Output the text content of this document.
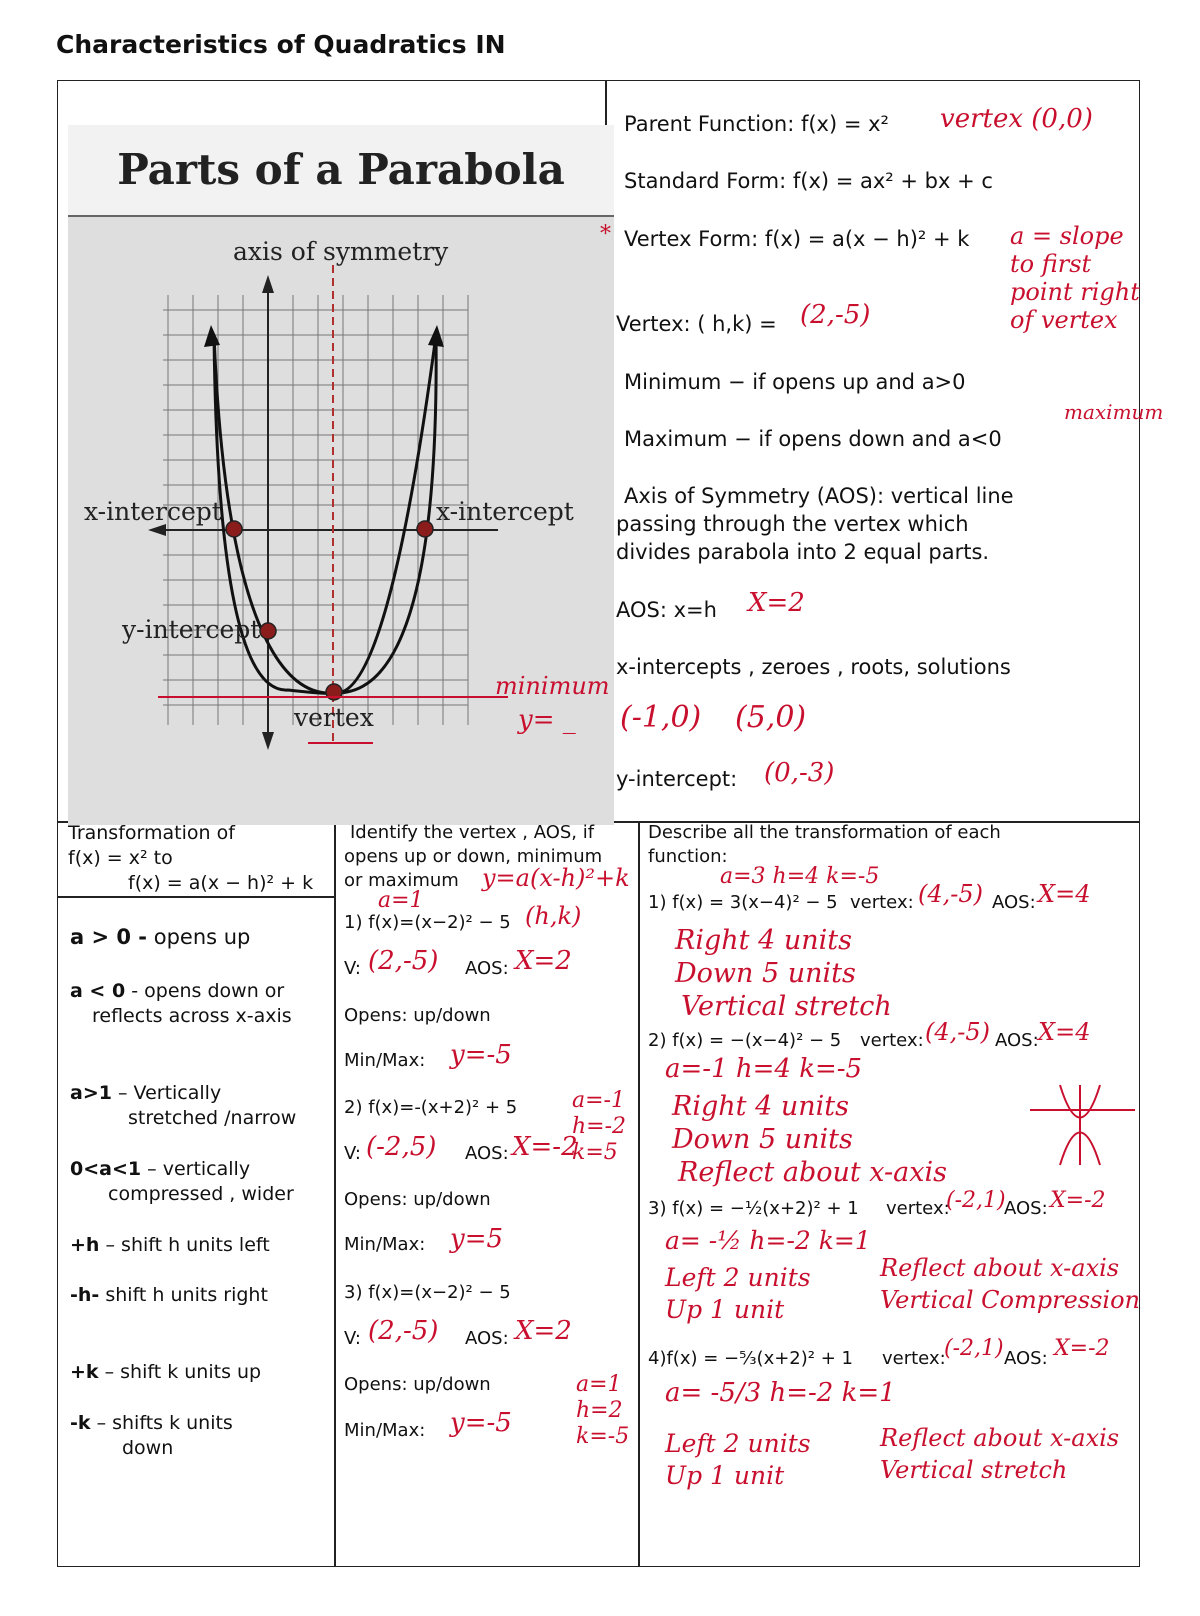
Characteristics of Quadratics IN
Parts of a Parabola
axis of symmetry
x-intercept	x-intercept
y-intercept
vertex
minimum
y= _
Parent Function: f(x) = x² vertex (0,0)
Standard Form: f(x) = ax² + bx + c
* Vertex Form: f(x) = a(x − h)² + k a = slope
to first
point right
of vertex
Vertex: ( h,k) = (2,-5)
Minimum − if opens up and a>0
Maximum − if opens down and a<0
maximum
Axis of Symmetry (AOS): vertical line
passing through the vertex which
divides parabola into 2 equal parts.
AOS: x=h X=2
x-intercepts , zeroes , roots, solutions
(-1,0) (5,0)
y-intercept: (0,-3)
Transformation of
f(x) = x² to
f(x) = a(x − h)² + k
a > 0 - opens up
a < 0 - opens down or
reflects across x-axis
a>1 – Vertically
stretched /narrow
0<a<1 – vertically
compressed , wider
+h – shift h units left
-h- shift h units right
+k – shift k units up
-k – shifts k units
down
Identify the vertex , AOS, if
opens up or down, minimum
or maximum y=a(x-h)²+k
a=1
(h,k)
1) f(x)=(x−2)² − 5
V: (2,-5) AOS: X=2
Opens: up/down
Min/Max: y=-5
2) f(x)=-(x+2)² + 5 a=-1
h=-2
k=5
V: (-2,5) AOS: X=-2
Opens: up/down
Min/Max: y=5
3) f(x)=(x−2)² − 5
a=1
h=2
k=-5
V: (2,-5) AOS: X=2
Opens: up/down
Min/Max: y=-5
Describe all the transformation of each
function:
a=3 h=4 k=-5
1) f(x) = 3(x−4)² − 5 vertex: (4,-5) AOS: X=4
Right 4 units
Down 5 units
Vertical stretch
2) f(x) = −(x−4)² − 5 vertex: (4,-5) AOS: X=4
a=-1 h=4 k=-5
Right 4 units
Down 5 units
Reflect about x-axis
3) f(x) = −½(x+2)² + 1 vertex:
(-2,1)
AOS: X=-2
a= -½ h=-2 k=1
Left 2 units
Up 1 unit
Reflect about x-axis
Vertical Compression
4)f(x) = −⁵⁄₃(x+2)² + 1 vertex:
(-2,1) AOS: X=-2
a= -5/3 h=-2 k=1
Left 2 units
Up 1 unit
Reflect about x-axis
Vertical stretch
